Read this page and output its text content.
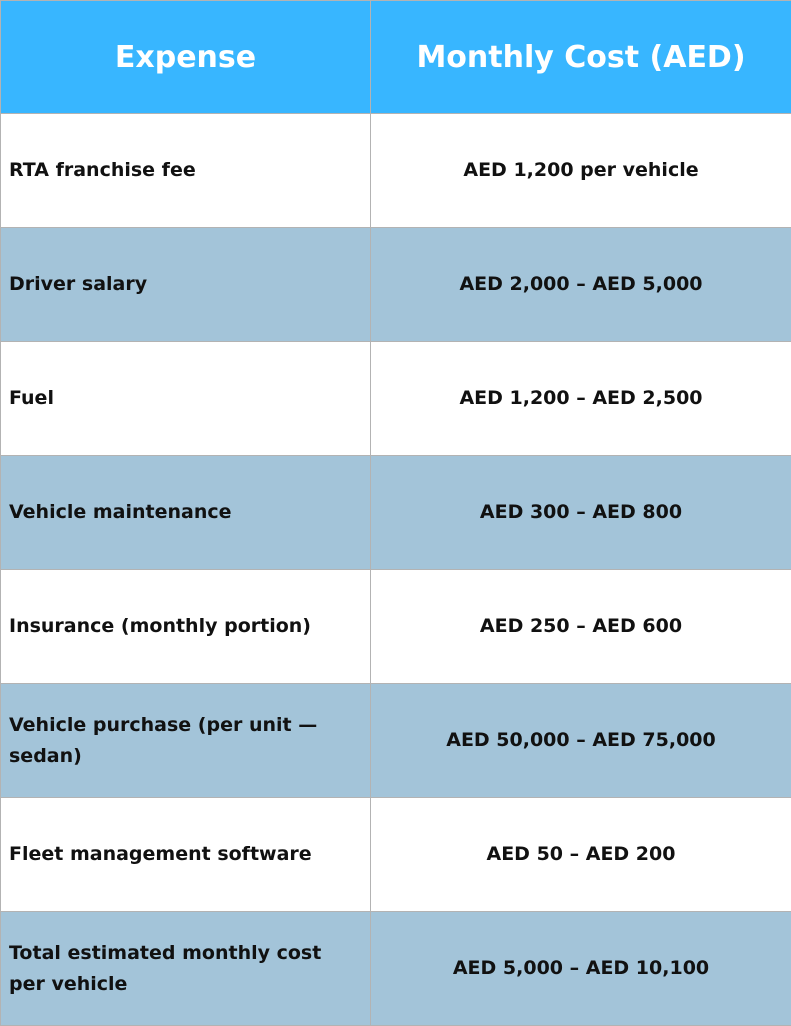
Expense	Monthly Cost (AED)
RTA franchise fee	AED 1,200 per vehicle
Driver salary	AED 2,000 – AED 5,000
Fuel	AED 1,200 – AED 2,500
Vehicle maintenance	AED 300 – AED 800
Insurance (monthly portion)	AED 250 – AED 600
Vehicle purchase (per unit — sedan)	AED 50,000 – AED 75,000
Fleet management software	AED 50 – AED 200
Total estimated monthly cost per vehicle	AED 5,000 – AED 10,100
